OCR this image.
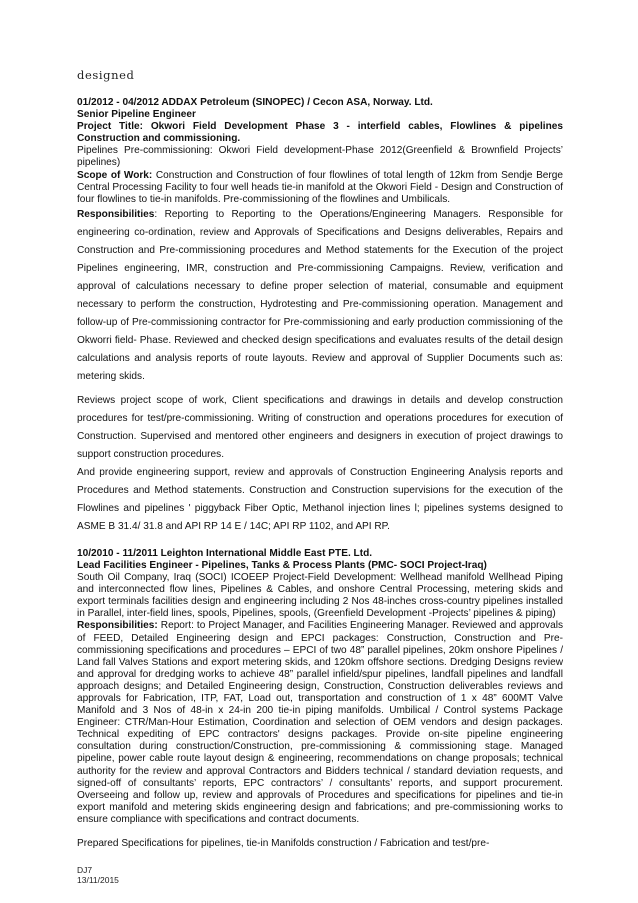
designed

01/2012 - 04/2012 ADDAX Petroleum (SINOPEC) / Cecon ASA, Norway. Ltd.

Senior Pipeline Engineer

Project Title: Okwori Field Development Phase 3 - interfield cables, Flowlines & pipelines Construction and commissioning.

Pipelines Pre-commissioning: Okwori Field development-Phase 2012(Greenfield & Brownfield Projects’ pipelines)

Scope of Work: Construction and Construction of four flowlines of total length of 12km from Sendje Berge Central Processing Facility to four well heads tie-in manifold at the Okwori Field - Design and Construction of four flowlines to tie-in manifolds. Pre-commissioning of the flowlines and Umbilicals.

Responsibilities: Reporting to Reporting to the Operations/Engineering Managers. Responsible for engineering co-ordination, review and Approvals of Specifications and Designs deliverables, Repairs and Construction and Pre-commissioning procedures and Method statements for the Execution of the project Pipelines engineering, IMR, construction and Pre-commissioning Campaigns. Review, verification and approval of calculations necessary to define proper selection of material, consumable and equipment necessary to perform the construction, Hydrotesting and Pre-commissioning operation. Management and follow-up of Pre-commissioning contractor for Pre-commissioning and early production commissioning of the Okworri field- Phase. Reviewed and checked design specifications and evaluates results of the detail design calculations and analysis reports of route layouts. Review and approval of Supplier Documents such as: metering skids.

Reviews project scope of work, Client specifications and drawings in details and develop construction procedures for test/pre-commissioning. Writing of construction and operations procedures for execution of Construction. Supervised and mentored other engineers and designers in execution of project drawings to support construction procedures.

And provide engineering support, review and approvals of Construction Engineering Analysis reports and Procedures and Method statements. Construction and Construction supervisions for the execution of the Flowlines and pipelines ' piggyback Fiber Optic, Methanol injection lines l; pipelines systems designed to ASME B 31.4/ 31.8 and API RP 14 E / 14C; API RP 1102, and API RP.

10/2010 - 11/2011 Leighton International Middle East PTE. Ltd.

Lead Facilities Engineer - Pipelines, Tanks & Process Plants (PMC- SOCI Project-Iraq)

South Oil Company, Iraq (SOCI) ICOEEP Project-Field Development: Wellhead manifold Wellhead Piping and interconnected flow lines, Pipelines & Cables, and onshore Central Processing, metering skids and export terminals facilities design and engineering including 2 Nos 48-inches cross-country pipelines installed in Parallel, inter-field lines, spools, Pipelines, spools, (Greenfield Development -Projects’ pipelines & piping)

Responsibilities: Report: to Project Manager, and Facilities Engineering Manager. Reviewed and approvals of FEED, Detailed Engineering design and EPCI packages: Construction, Construction and Pre-commissioning specifications and procedures – EPCI of two 48” parallel pipelines, 20km onshore Pipelines / Land fall Valves Stations and export metering skids, and 120km offshore sections. Dredging Designs review and approval for dredging works to achieve 48” parallel infield/spur pipelines, landfall pipelines and landfall approach designs; and Detailed Engineering design, Construction, Construction deliverables reviews and approvals for Fabrication, ITP, FAT, Load out, transportation and construction of 1 x 48” 600MT Valve Manifold and 3 Nos of 48-in x 24-in 200 tie-in piping manifolds. Umbilical / Control systems Package Engineer: CTR/Man-Hour Estimation, Coordination and selection of OEM vendors and design packages. Technical expediting of EPC contractors' designs packages. Provide on-site pipeline engineering consultation during construction/Construction, pre-commissioning & commissioning stage. Managed pipeline, power cable route layout design & engineering, recommendations on change proposals; technical authority for the review and approval Contractors and Bidders technical / standard deviation requests, and signed-off of consultants’ reports, EPC contractors’ / consultants’ reports, and support procurement. Overseeing and follow up, review and approvals of Procedures and specifications for pipelines and tie-in export manifold and metering skids engineering design and fabrications; and pre-commissioning works to ensure compliance with specifications and contract documents.

Prepared Specifications for pipelines, tie-in Manifolds construction / Fabrication and test/pre-

DJ7
13/11/2015
